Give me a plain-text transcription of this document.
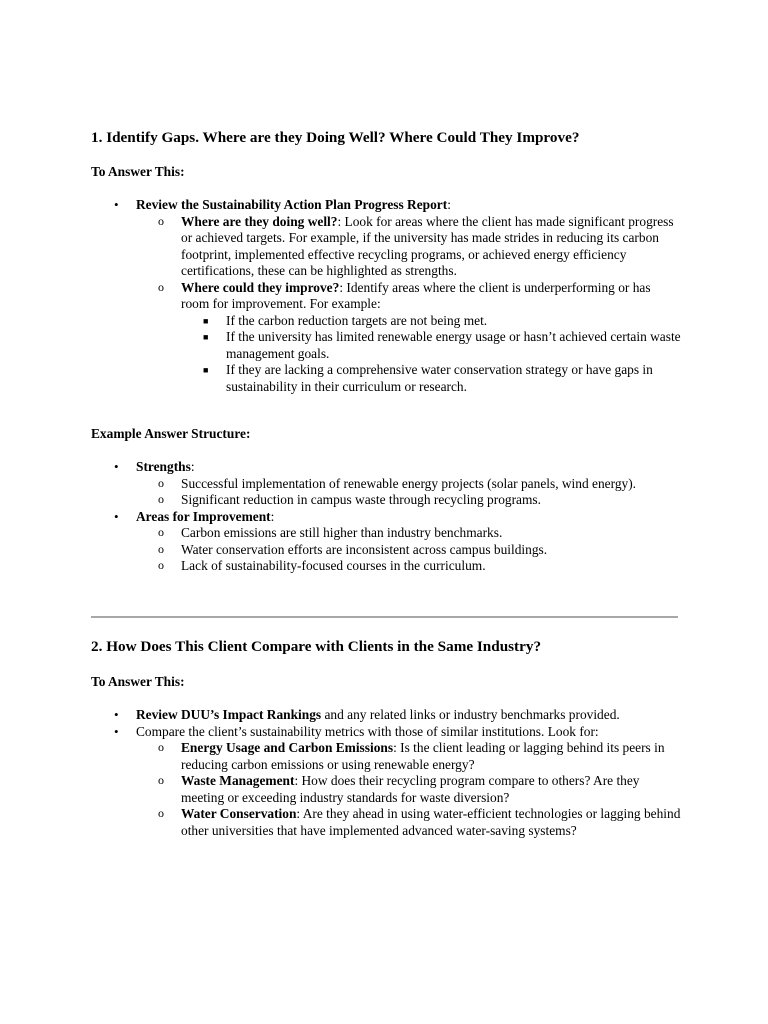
1. Identify Gaps. Where are they Doing Well? Where Could They Improve?

To Answer This:

• Review the Sustainability Action Plan Progress Report:
o Where are they doing well?: Look for areas where the client has made significant progress or achieved targets. For example, if the university has made strides in reducing its carbon footprint, implemented effective recycling programs, or achieved energy efficiency certifications, these can be highlighted as strengths.
o Where could they improve?: Identify areas where the client is underperforming or has room for improvement. For example:
■ If the carbon reduction targets are not being met.
■ If the university has limited renewable energy usage or hasn’t achieved certain waste management goals.
■ If they are lacking a comprehensive water conservation strategy or have gaps in sustainability in their curriculum or research.

Example Answer Structure:

• Strengths:
o Successful implementation of renewable energy projects (solar panels, wind energy).
o Significant reduction in campus waste through recycling programs.
• Areas for Improvement:
o Carbon emissions are still higher than industry benchmarks.
o Water conservation efforts are inconsistent across campus buildings.
o Lack of sustainability-focused courses in the curriculum.
2. How Does This Client Compare with Clients in the Same Industry?

To Answer This:

• Review DUU’s Impact Rankings and any related links or industry benchmarks provided.
• Compare the client’s sustainability metrics with those of similar institutions. Look for:
o Energy Usage and Carbon Emissions: Is the client leading or lagging behind its peers in reducing carbon emissions or using renewable energy?
o Waste Management: How does their recycling program compare to others? Are they meeting or exceeding industry standards for waste diversion?
o Water Conservation: Are they ahead in using water-efficient technologies or lagging behind other universities that have implemented advanced water-saving systems?
